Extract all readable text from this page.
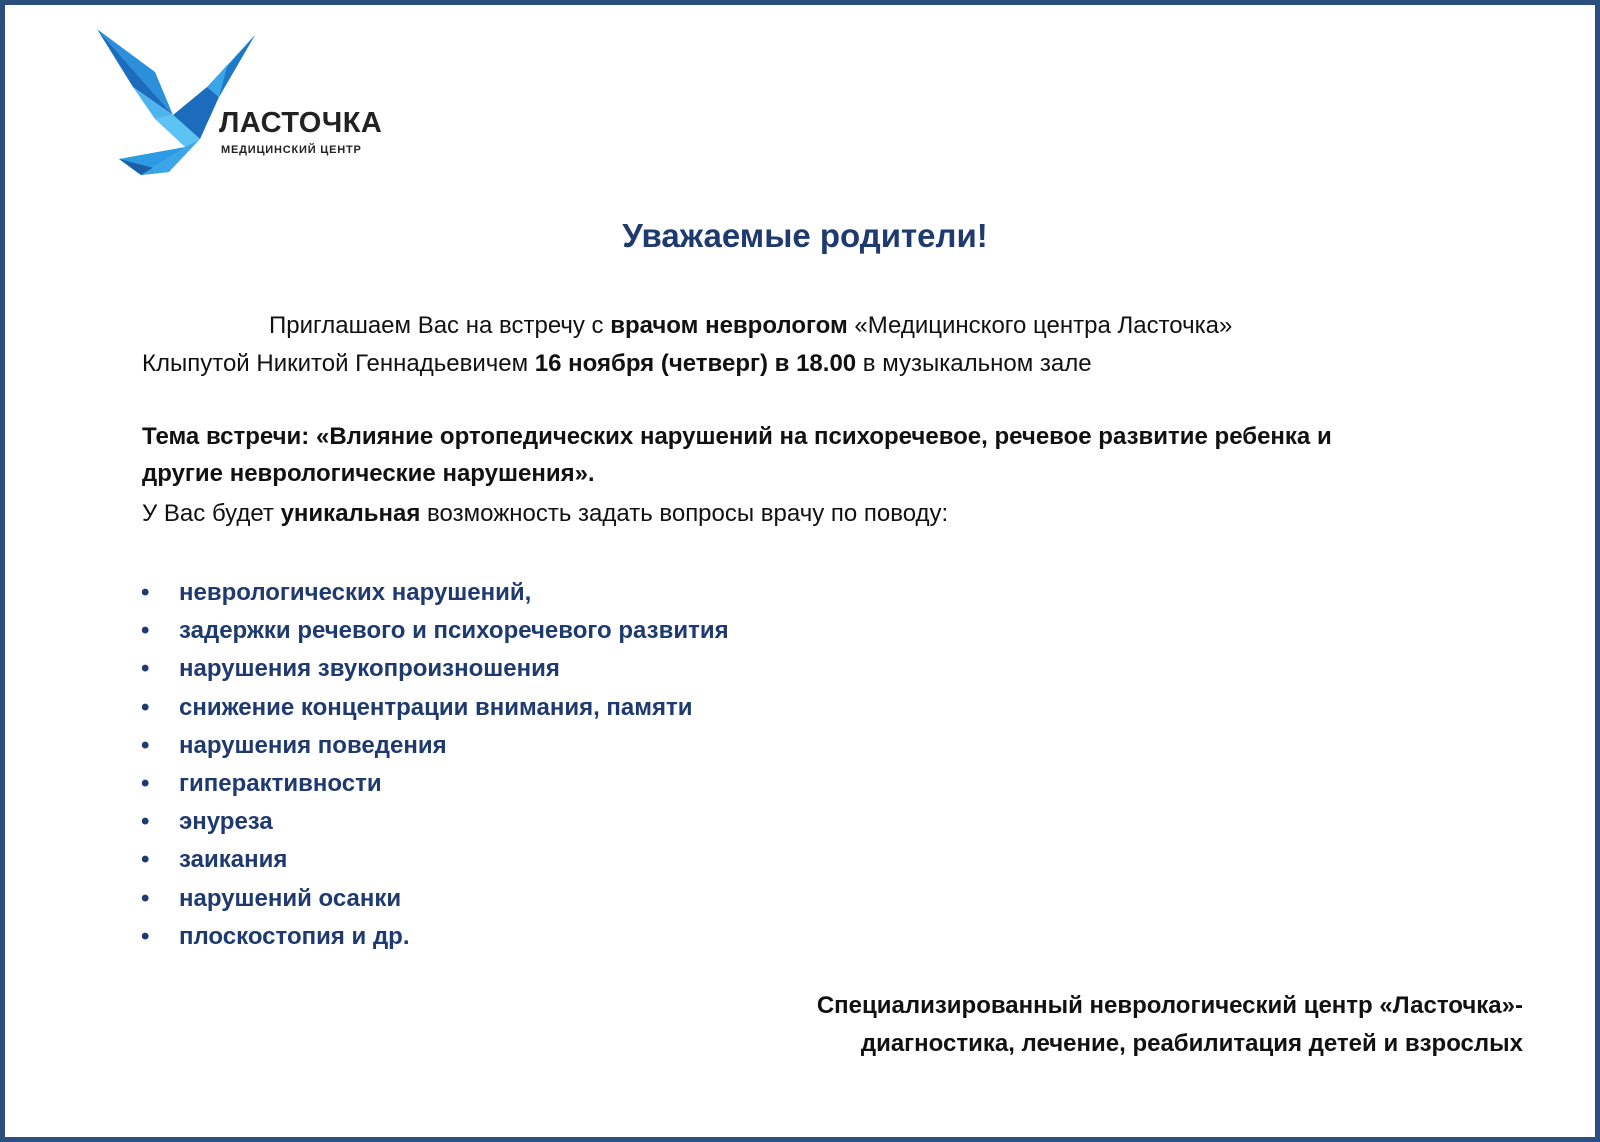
ЛАСТОЧКА
МЕДИЦИНСКИЙ ЦЕНТР
Уважаемые родители!
Приглашаем Вас на встречу с врачом неврологом «Медицинского центра Ласточка»
Клыпутой Никитой Геннадьевичем 16 ноября (четверг) в 18.00 в музыкальном зале
Тема встречи: «Влияние ортопедических нарушений на психоречевое, речевое развитие ребенка и
другие неврологические нарушения».
У Вас будет уникальная возможность задать вопросы врачу по поводу:
• неврологических нарушений,
• задержки речевого и психоречевого развития
• нарушения звукопроизношения
• снижение концентрации внимания, памяти
• нарушения поведения
• гиперактивности
• энуреза
• заикания
• нарушений осанки
• плоскостопия и др.
Специализированный неврологический центр «Ласточка»-
диагностика, лечение, реабилитация детей и взрослых
